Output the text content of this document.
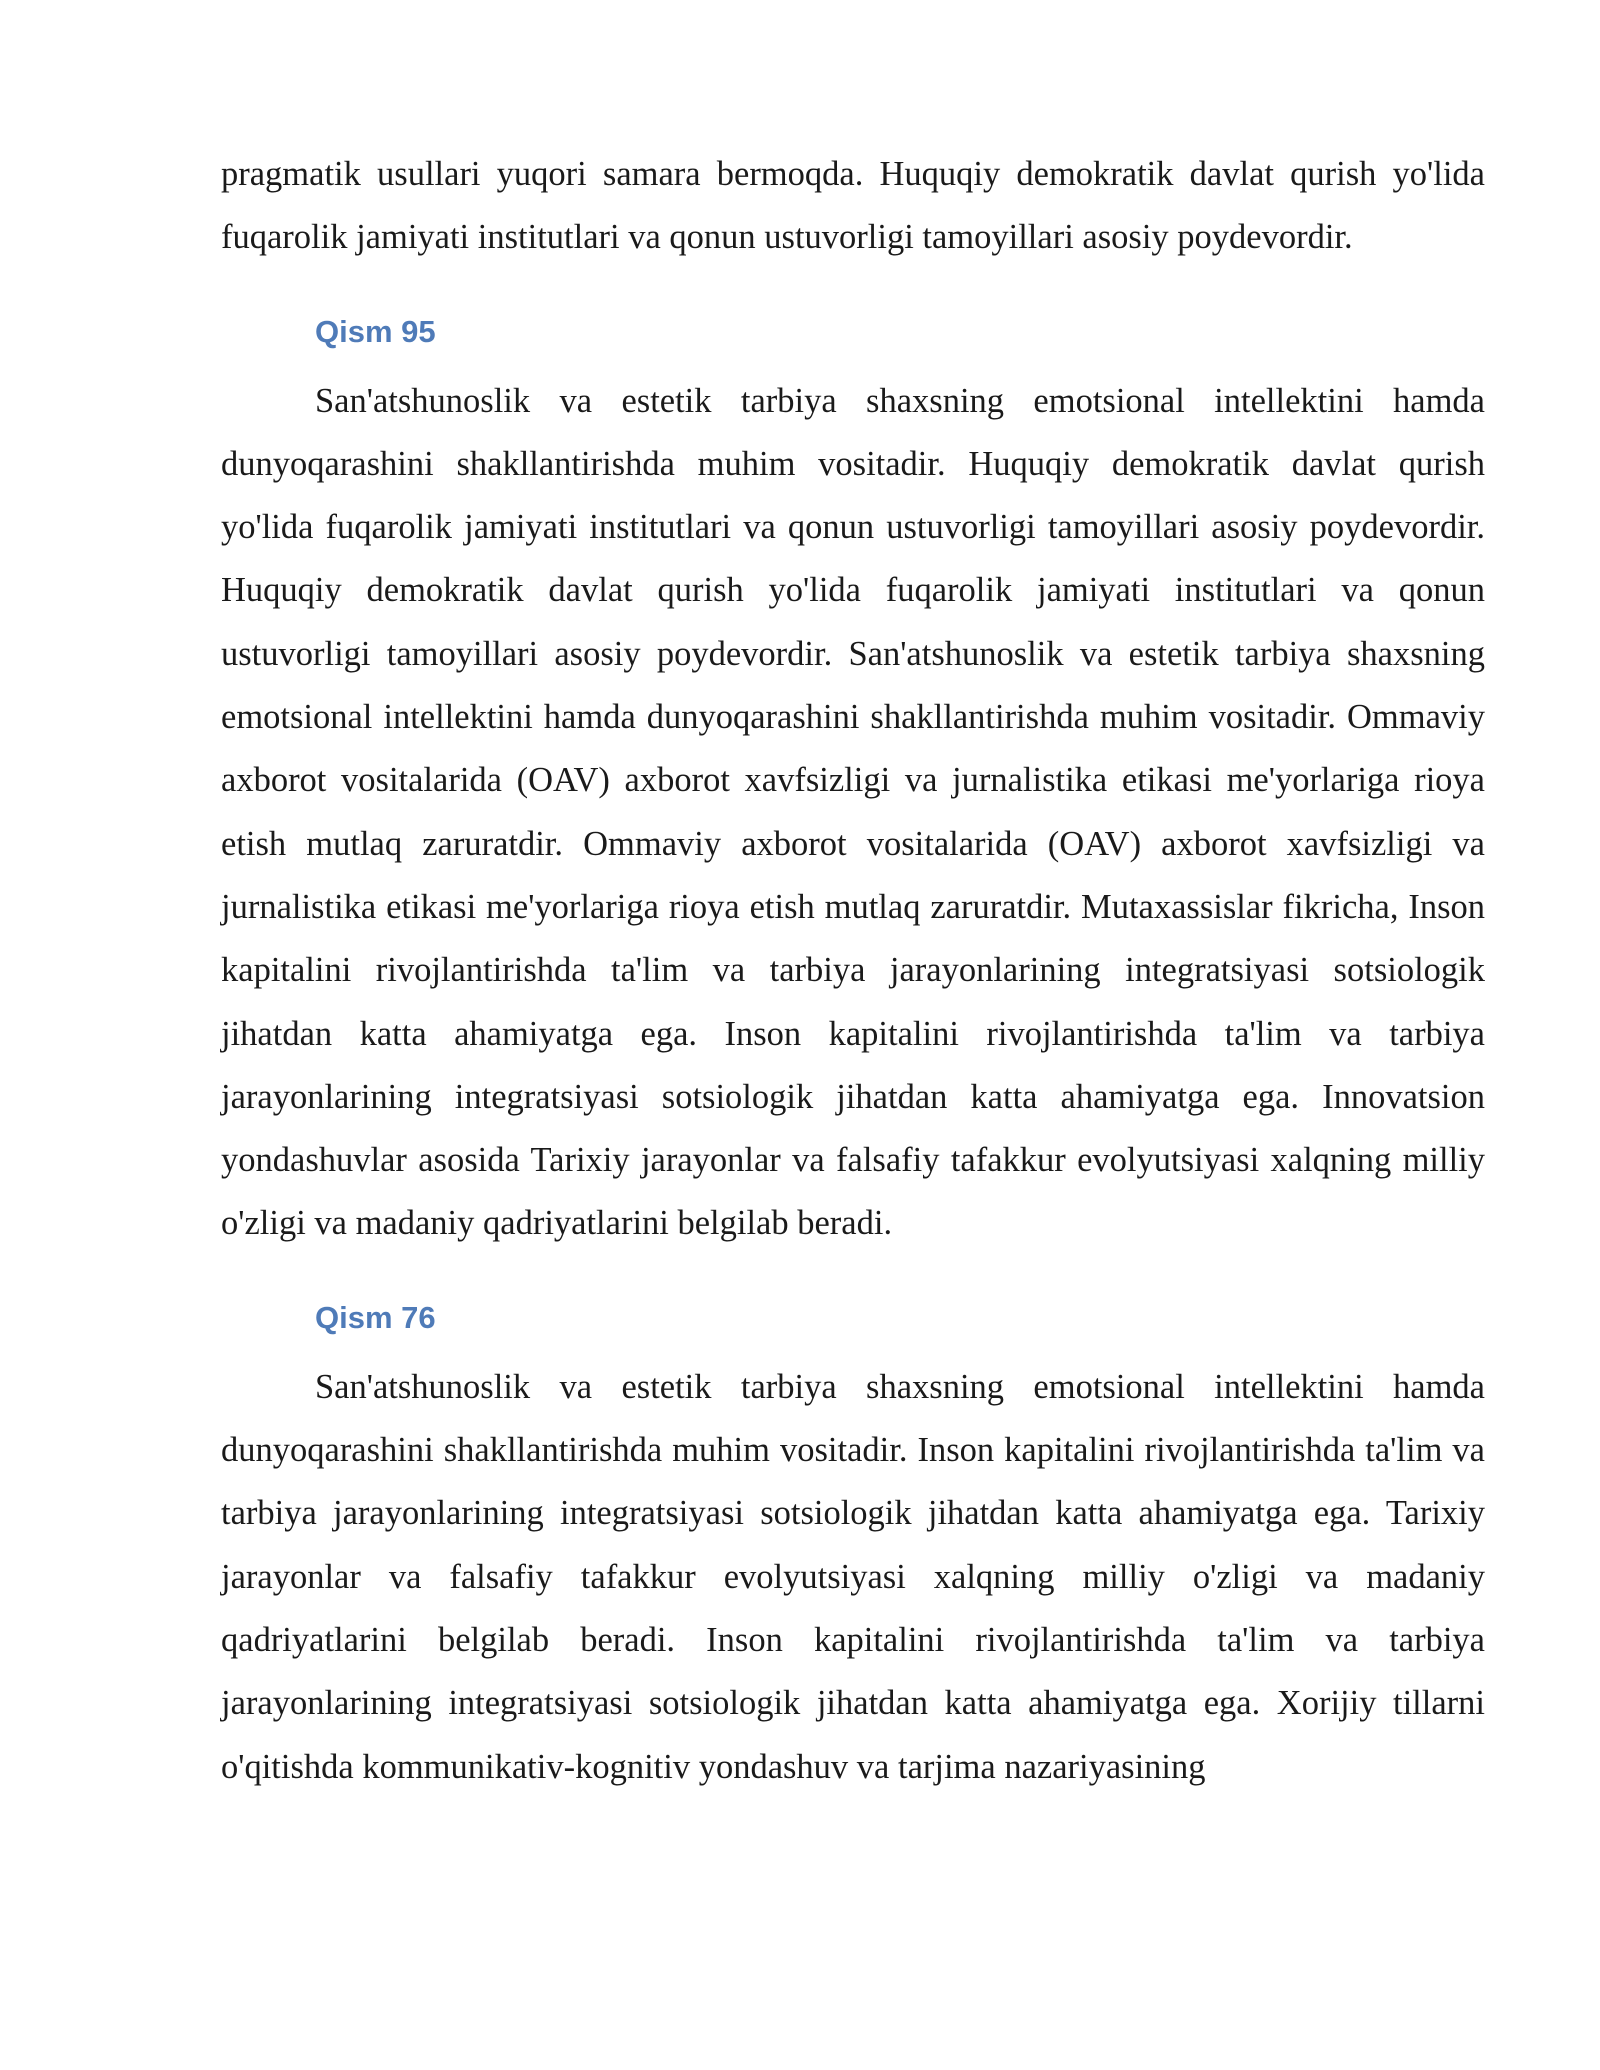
pragmatik usullari yuqori samara bermoqda. Huquqiy demokratik davlat qurish yo'lida fuqarolik jamiyati institutlari va qonun ustuvorligi tamoyillari asosiy poydevordir.

Qism 95

San'atshunoslik va estetik tarbiya shaxsning emotsional intellektini hamda dunyoqarashini shakllantirishda muhim vositadir. Huquqiy demokratik davlat qurish yo'lida fuqarolik jamiyati institutlari va qonun ustuvorligi tamoyillari asosiy poydevordir. Huquqiy demokratik davlat qurish yo'lida fuqarolik jamiyati institutlari va qonun ustuvorligi tamoyillari asosiy poydevordir. San'atshunoslik va estetik tarbiya shaxsning emotsional intellektini hamda dunyoqarashini shakllantirishda muhim vositadir. Ommaviy axborot vositalarida (OAV) axborot xavfsizligi va jurnalistika etikasi me'yorlariga rioya etish mutlaq zaruratdir. Ommaviy axborot vositalarida (OAV) axborot xavfsizligi va jurnalistika etikasi me'yorlariga rioya etish mutlaq zaruratdir. Mutaxassislar fikricha, Inson kapitalini rivojlantirishda ta'lim va tarbiya jarayonlarining integratsiyasi sotsiologik jihatdan katta ahamiyatga ega. Inson kapitalini rivojlantirishda ta'lim va tarbiya jarayonlarining integratsiyasi sotsiologik jihatdan katta ahamiyatga ega. Innovatsion yondashuvlar asosida Tarixiy jarayonlar va falsafiy tafakkur evolyutsiyasi xalqning milliy o'zligi va madaniy qadriyatlarini belgilab beradi.

Qism 76

San'atshunoslik va estetik tarbiya shaxsning emotsional intellektini hamda dunyoqarashini shakllantirishda muhim vositadir. Inson kapitalini rivojlantirishda ta'lim va tarbiya jarayonlarining integratsiyasi sotsiologik jihatdan katta ahamiyatga ega. Tarixiy jarayonlar va falsafiy tafakkur evolyutsiyasi xalqning milliy o'zligi va madaniy qadriyatlarini belgilab beradi. Inson kapitalini rivojlantirishda ta'lim va tarbiya jarayonlarining integratsiyasi sotsiologik jihatdan katta ahamiyatga ega. Xorijiy tillarni o'qitishda kommunikativ-kognitiv yondashuv va tarjima nazariyasining
